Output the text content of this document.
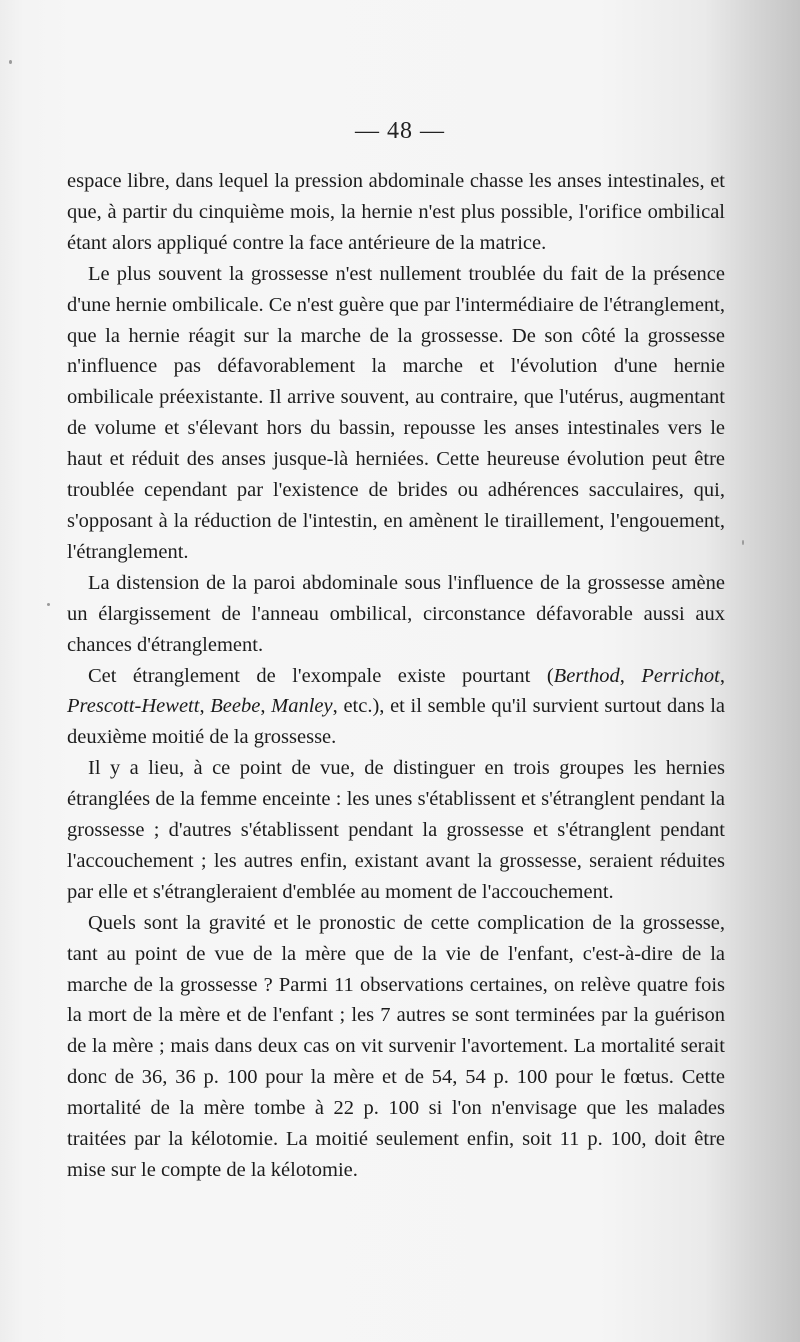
— 48 —

espace libre, dans lequel la pression abdominale chasse les anses intestinales, et que, à partir du cinquième mois, la hernie n'est plus possible, l'orifice ombilical étant alors appliqué contre la face antérieure de la matrice.

Le plus souvent la grossesse n'est nullement troublée du fait de la présence d'une hernie ombilicale. Ce n'est guère que par l'intermédiaire de l'étranglement, que la hernie réagit sur la marche de la grossesse. De son côté la grossesse n'influence pas défavorablement la marche et l'évolution d'une hernie ombilicale préexistante. Il arrive souvent, au contraire, que l'utérus, augmentant de volume et s'élevant hors du bassin, repousse les anses intestinales vers le haut et réduit des anses jusque-là herniées. Cette heureuse évolution peut être troublée cependant par l'existence de brides ou adhérences sacculaires, qui, s'opposant à la réduction de l'intestin, en amènent le tiraillement, l'engouement, l'étranglement.

La distension de la paroi abdominale sous l'influence de la grossesse amène un élargissement de l'anneau ombilical, circonstance défavorable aussi aux chances d'étranglement.

Cet étranglement de l'exompale existe pourtant (Berthod, Perrichot, Prescott-Hewett, Beebe, Manley, etc.), et il semble qu'il survient surtout dans la deuxième moitié de la grossesse.

Il y a lieu, à ce point de vue, de distinguer en trois groupes les hernies étranglées de la femme enceinte : les unes s'établissent et s'étranglent pendant la grossesse ; d'autres s'établissent pendant la grossesse et s'étranglent pendant l'accouchement ; les autres enfin, existant avant la grossesse, seraient réduites par elle et s'étrangleraient d'emblée au moment de l'accouchement.

Quels sont la gravité et le pronostic de cette complication de la grossesse, tant au point de vue de la mère que de la vie de l'enfant, c'est-à-dire de la marche de la grossesse ? Parmi 11 observations certaines, on relève quatre fois la mort de la mère et de l'enfant ; les 7 autres se sont terminées par la guérison de la mère ; mais dans deux cas on vit survenir l'avortement. La mortalité serait donc de 36, 36 p. 100 pour la mère et de 54, 54 p. 100 pour le fœtus. Cette mortalité de la mère tombe à 22 p. 100 si l'on n'envisage que les malades traitées par la kélotomie. La moitié seulement enfin, soit 11 p. 100, doit être mise sur le compte de la kélotomie.
